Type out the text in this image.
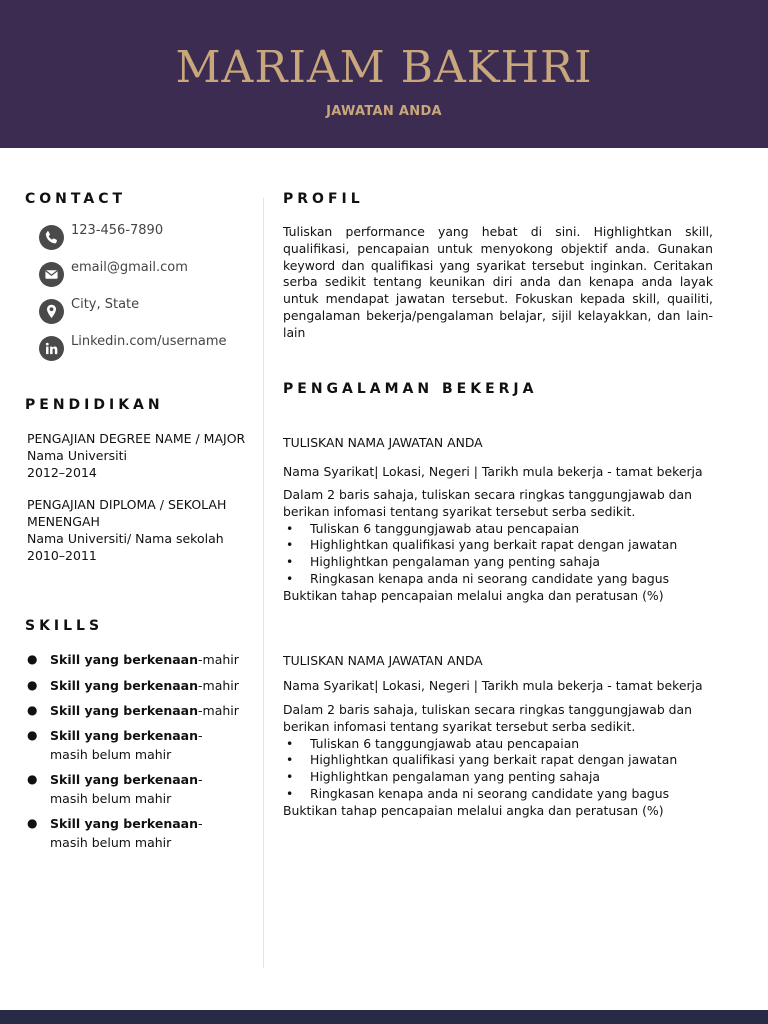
MARIAM BAKHRI
JAWATAN ANDA
CONTACT
123-456-7890
email@gmail.com
City, State
Linkedin.com/username
PENDIDIKAN
PENGAJIAN DEGREE NAME / MAJOR
Nama Universiti
2012–2014
PENGAJIAN DIPLOMA / SEKOLAH MENENGAH
Nama Universiti/ Nama sekolah
2010–2011
SKILLS
● Skill yang berkenaan-mahir
● Skill yang berkenaan-mahir
● Skill yang berkenaan-mahir
● Skill yang berkenaan-masih belum mahir
● Skill yang berkenaan-masih belum mahir
● Skill yang berkenaan-masih belum mahir
PROFIL
Tuliskan performance yang hebat di sini. Highlightkan skill, qualifikasi, pencapaian untuk menyokong objektif anda. Gunakan keyword dan qualifikasi yang syarikat tersebut inginkan. Ceritakan serba sedikit tentang keunikan diri anda dan kenapa anda layak untuk mendapat jawatan tersebut. Fokuskan kepada skill, quailiti, pengalaman bekerja/pengalaman belajar, sijil kelayakkan, dan lain-lain
PENGALAMAN BEKERJA
TULISKAN NAMA JAWATAN ANDA
Nama Syarikat| Lokasi, Negeri | Tarikh mula bekerja - tamat bekerja
Dalam 2 baris sahaja, tuliskan secara ringkas tanggungjawab dan berikan infomasi tentang syarikat tersebut serba sedikit.
• Tuliskan 6 tanggungjawab atau pencapaian
• Highlightkan qualifikasi yang berkait rapat dengan jawatan
• Highlightkan pengalaman yang penting sahaja
• Ringkasan kenapa anda ni seorang candidate yang bagus
Buktikan tahap pencapaian melalui angka dan peratusan (%)
TULISKAN NAMA JAWATAN ANDA
Nama Syarikat| Lokasi, Negeri | Tarikh mula bekerja - tamat bekerja
Dalam 2 baris sahaja, tuliskan secara ringkas tanggungjawab dan berikan infomasi tentang syarikat tersebut serba sedikit.
• Tuliskan 6 tanggungjawab atau pencapaian
• Highlightkan qualifikasi yang berkait rapat dengan jawatan
• Highlightkan pengalaman yang penting sahaja
• Ringkasan kenapa anda ni seorang candidate yang bagus
Buktikan tahap pencapaian melalui angka dan peratusan (%)
